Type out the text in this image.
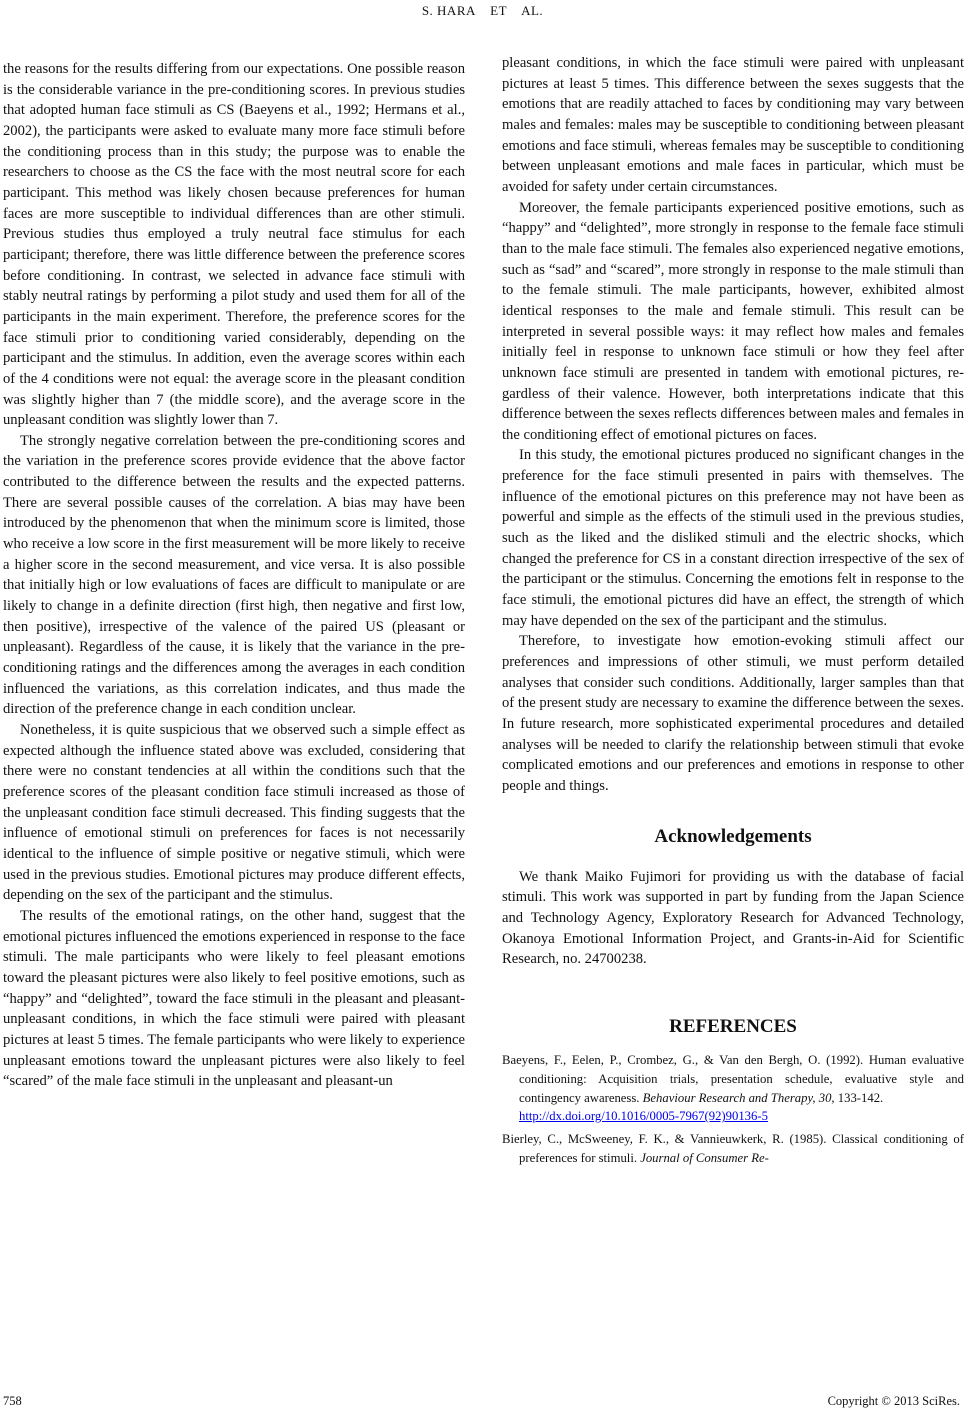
S. HARA    ET    AL.

the reasons for the results differing from our expectations. One possible reason is the considerable variance in the pre-conditioning scores. In previous studies that adopted human face stimuli as CS (Baeyens et al., 1992; Hermans et al., 2002), the participants were asked to evaluate many more face stimuli before the conditioning process than in this study; the purpose was to enable the researchers to choose as the CS the face with the most neutral score for each participant. This method was likely chosen because preferences for human faces are more susceptible to individual differences than are other stimuli. Previous studies thus employed a truly neutral face stimulus for each participant; therefore, there was little difference between the preference scores before conditioning. In contrast, we selected in advance face stimuli with stably neutral ratings by performing a pilot study and used them for all of the participants in the main experiment. Therefore, the preference scores for the face stimuli prior to conditioning varied considerably, depending on the participant and the stimulus. In addition, even the average scores within each of the 4 conditions were not equal: the average score in the pleasant condition was slightly higher than 7 (the middle score), and the average score in the unpleasant condition was slightly lower than 7.

The strongly negative correlation between the pre-conditioning scores and the variation in the preference scores provide evidence that the above factor contributed to the difference between the results and the expected patterns. There are several possible causes of the correlation. A bias may have been introduced by the phenomenon that when the minimum score is limited, those who receive a low score in the first measurement will be more likely to receive a higher score in the second measurement, and vice versa. It is also possible that initially high or low evaluations of faces are difficult to manipulate or are likely to change in a definite direction (first high, then negative and first low, then positive), irrespective of the valence of the paired US (pleasant or unpleasant). Regardless of the cause, it is likely that the variance in the pre-conditioning ratings and the differences among the averages in each condition influenced the variations, as this correlation indicates, and thus made the direction of the preference change in each condition unclear.

Nonetheless, it is quite suspicious that we observed such a simple effect as expected although the influence stated above was excluded, considering that there were no constant tendencies at all within the conditions such that the preference scores of the pleasant condition face stimuli increased as those of the unpleasant condition face stimuli decreased. This finding suggests that the influence of emotional stimuli on preferences for faces is not necessarily identical to the influence of simple positive or negative stimuli, which were used in the previous studies. Emotional pictures may produce different effects, depending on the sex of the participant and the stimulus.

The results of the emotional ratings, on the other hand, suggest that the emotional pictures influenced the emotions experienced in response to the face stimuli. The male participants who were likely to feel pleasant emotions toward the pleasant pictures were also likely to feel positive emotions, such as “happy” and “delighted”, toward the face stimuli in the pleasant and pleasant-unpleasant conditions, in which the face stimuli were paired with pleasant pictures at least 5 times. The female participants who were likely to experience unpleasant emotions toward the unpleasant pictures were also likely to feel “scared” of the male face stimuli in the unpleasant and pleasant-un

pleasant conditions, in which the face stimuli were paired with unpleasant pictures at least 5 times. This difference between the sexes suggests that the emotions that are readily attached to faces by conditioning may vary between males and females: males may be susceptible to conditioning between pleasant emotions and face stimuli, whereas females may be susceptible to conditioning between unpleasant emotions and male faces in particular, which must be avoided for safety under certain circumstances.

Moreover, the female participants experienced positive emotions, such as “happy” and “delighted”, more strongly in response to the female face stimuli than to the male face stimuli. The females also experienced negative emotions, such as “sad” and “scared”, more strongly in response to the male stimuli than to the female stimuli. The male participants, however, exhibited almost identical responses to the male and female stimuli. This result can be interpreted in several possible ways: it may reflect how males and females initially feel in response to unknown face stimuli or how they feel after unknown face stimuli are presented in tandem with emotional pictures, regardless of their valence. However, both interpretations indicate that this difference between the sexes reflects differences between males and females in the conditioning effect of emotional pictures on faces.

In this study, the emotional pictures produced no significant changes in the preference for the face stimuli presented in pairs with themselves. The influence of the emotional pictures on this preference may not have been as powerful and simple as the effects of the stimuli used in the previous studies, such as the liked and the disliked stimuli and the electric shocks, which changed the preference for CS in a constant direction irrespective of the sex of the participant or the stimulus. Concerning the emotions felt in response to the face stimuli, the emotional pictures did have an effect, the strength of which may have depended on the sex of the participant and the stimulus.

Therefore, to investigate how emotion-evoking stimuli affect our preferences and impressions of other stimuli, we must perform detailed analyses that consider such conditions. Additionally, larger samples than that of the present study are necessary to examine the difference between the sexes. In future research, more sophisticated experimental procedures and detailed analyses will be needed to clarify the relationship between stimuli that evoke complicated emotions and our preferences and emotions in response to other people and things.

Acknowledgements

We thank Maiko Fujimori for providing us with the database of facial stimuli. This work was supported in part by funding from the Japan Science and Technology Agency, Exploratory Research for Advanced Technology, Okanoya Emotional Information Project, and Grants-in-Aid for Scientific Research, no. 24700238.

REFERENCES
Baeyens, F., Eelen, P., Crombez, G., & Van den Bergh, O. (1992). Human evaluative conditioning: Acquisition trials, presentation schedule, evaluative style and contingency awareness. Behaviour Research and Therapy, 30, 133-142.
http://dx.doi.org/10.1016/0005-7967(92)90136-5
Bierley, C., McSweeney, F. K., & Vannieuwkerk, R. (1985). Classical conditioning of preferences for stimuli. Journal of Consumer Re-
758	Copyright © 2013 SciRes.
